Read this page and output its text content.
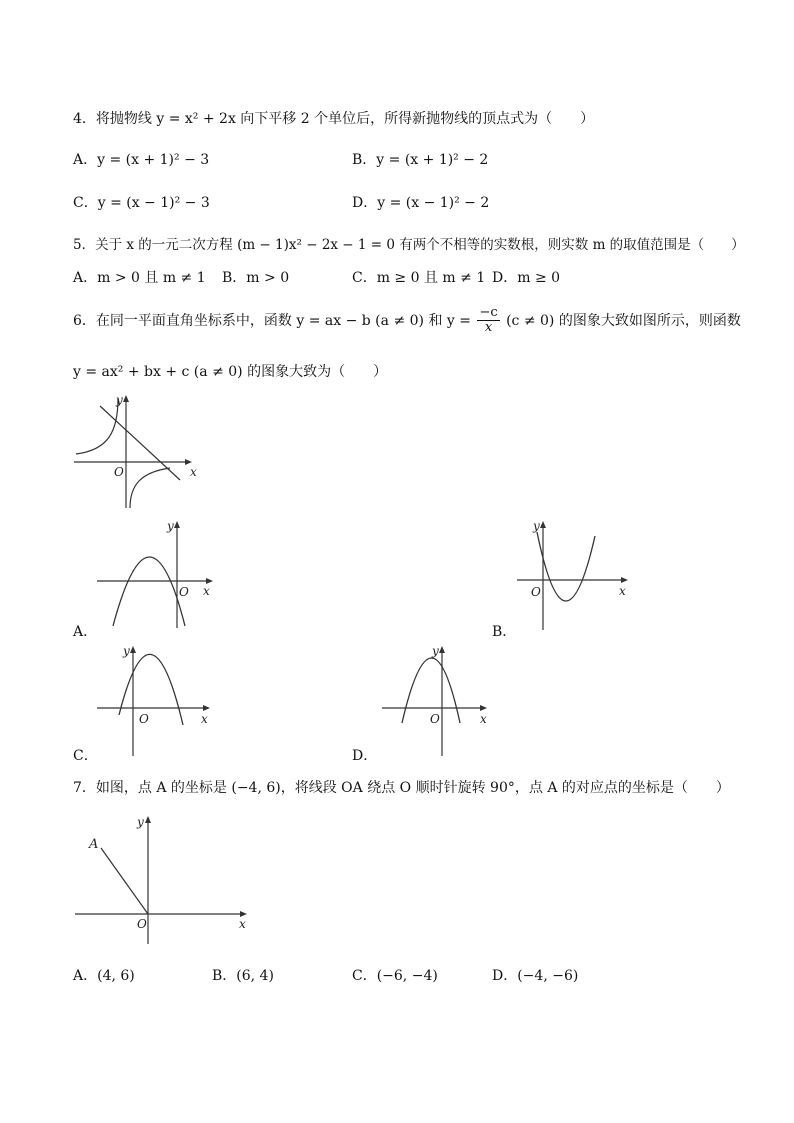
4．将抛物线 y = x² + 2x 向下平移 2 个单位后，所得新抛物线的顶点式为（　　）
A．y = (x + 1)² − 3	B．y = (x + 1)² − 2
C．y = (x − 1)² − 3	D．y = (x − 1)² − 2
5．关于 x 的一元二次方程 (m − 1)x² − 2x − 1 = 0 有两个不相等的实数根，则实数 m 的取值范围是（　　）
A．m > 0 且 m ≠ 1 B．m > 0	C．m ≥ 0 且 m ≠ 1 D．m ≥ 0
6．在同一平面直角坐标系中，函数 y = ax − b (a ≠ 0) 和 $y = \frac{-c}{x} (c \ne 0)$ 的图象大致如图所示，则函数
y = ax² + bx + c (a ≠ 0) 的图象大致为（　　）
x
y
O
x
y
O
A．
x
y
O
B．
x
y
O
C．
x
y
O
D．
7．如图，点 A 的坐标是 (−4, 6)，将线段 OA 绕点 O 顺时针旋转 90°，点 A 的对应点的坐标是（　　）
A
x
y
O
A．(4, 6)	B．(6, 4)	C．(−6, −4)	D．(−4, −6)
